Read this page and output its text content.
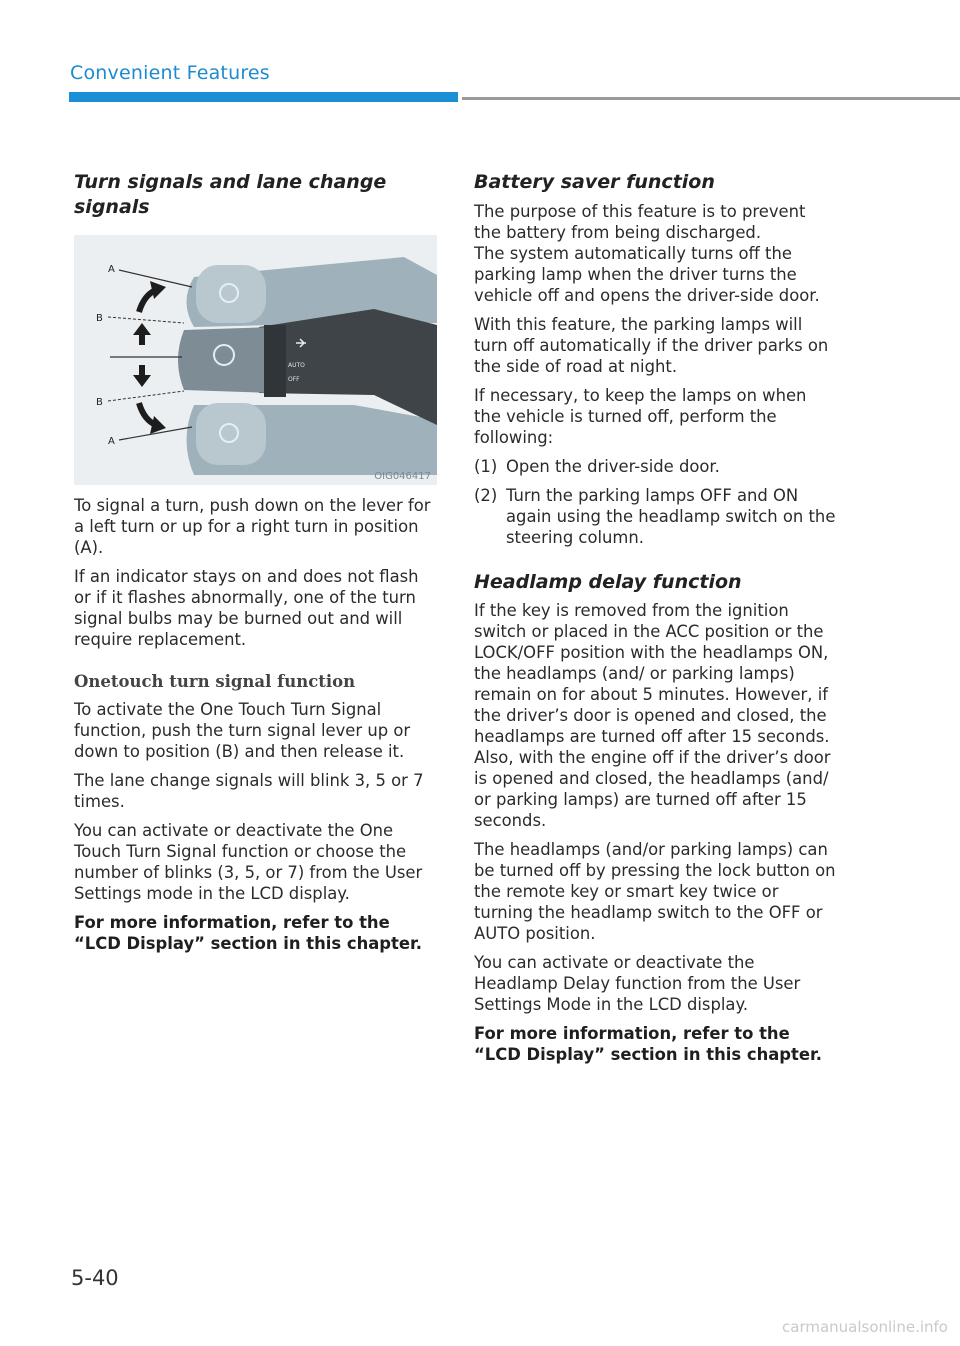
Convenient Features
Turn signals and lane change signals
AUTO
OFF
A
B
B
A
OIG046417

To signal a turn, push down on the lever for a left turn or up for a right turn in position (A).

If an indicator stays on and does not flash or if it flashes abnormally, one of the turn signal bulbs may be burned out and will require replacement.

Onetouch turn signal function

To activate the One Touch Turn Signal function, push the turn signal lever up or down to position (B) and then release it.

The lane change signals will blink 3, 5 or 7 times.

You can activate or deactivate the One Touch Turn Signal function or choose the number of blinks (3, 5, or 7) from the User Settings mode in the LCD display.

For more information, refer to the “LCD Display” section in this chapter.

Battery saver function

The purpose of this feature is to prevent the battery from being discharged.

The system automatically turns off the parking lamp when the driver turns the vehicle off and opens the driver-side door.

With this feature, the parking lamps will turn off automatically if the driver parks on the side of road at night.

If necessary, to keep the lamps on when the vehicle is turned off, perform the following:

(1) Open the driver-side door.
(2) Turn the parking lamps OFF and ON again using the headlamp switch on the steering column.
Headlamp delay function

If the key is removed from the ignition switch or placed in the ACC position or the LOCK/OFF position with the headlamps ON, the headlamps (and/ or parking lamps) remain on for about 5 minutes. However, if the driver’s door is opened and closed, the headlamps are turned off after 15 seconds. Also, with the engine off if the driver’s door is opened and closed, the headlamps (and/ or parking lamps) are turned off after 15 seconds.

The headlamps (and/or parking lamps) can be turned off by pressing the lock button on the remote key or smart key twice or turning the headlamp switch to the OFF or AUTO position.

You can activate or deactivate the Headlamp Delay function from the User Settings Mode in the LCD display.

For more information, refer to the “LCD Display” section in this chapter.

5-40
carmanualsonline.info
